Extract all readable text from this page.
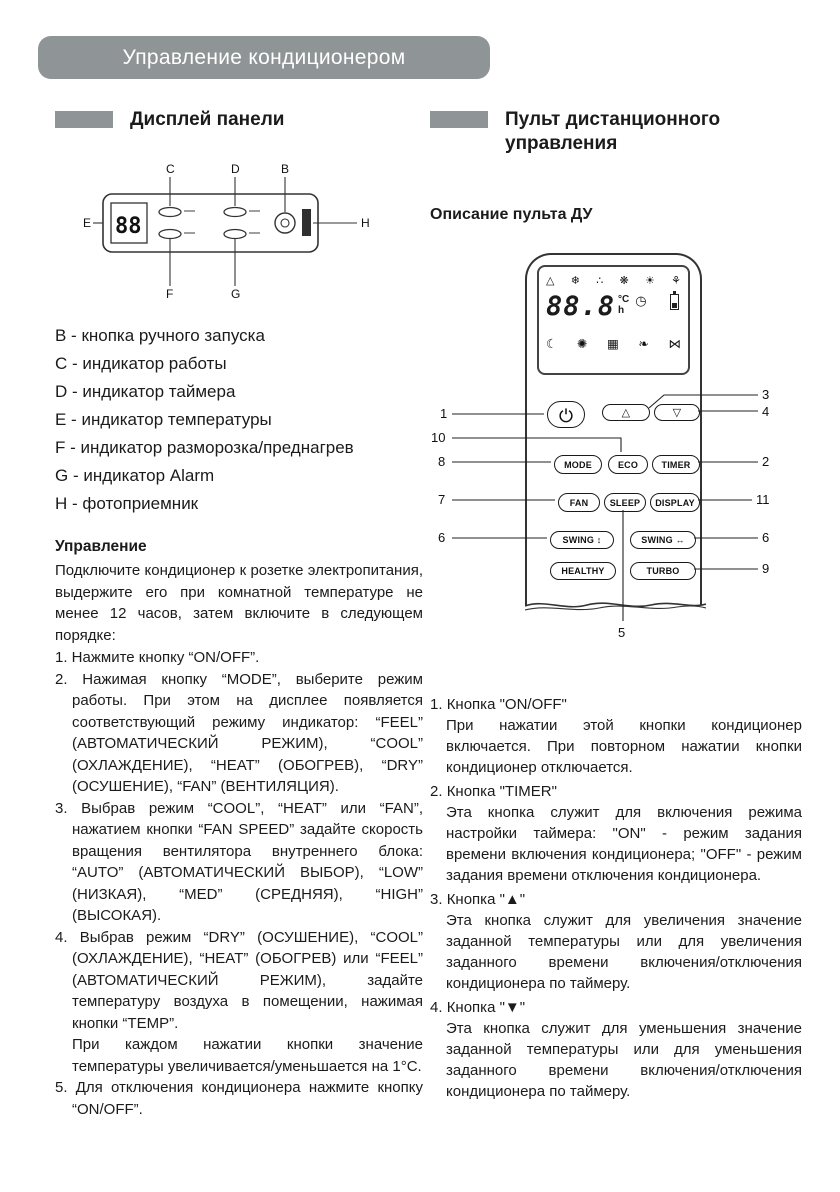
Управление кондиционером
Дисплей панели
C	D	B
E	H
F	G
88
B - кнопка ручного запуска
C - индикатор работы
D - индикатор таймера
E - индикатор температуры
F - индикатор разморозка/преднагрев
G - индикатор Alarm
H - фотоприемник
Управление

Подключите кондиционер к розетке электропитания, выдержите его при комнатной температуре не менее 12 часов, затем включите в следующем порядке:

1. Нажмите кнопку “ON/OFF”.
2. Нажимая кнопку “MODE”, выберите режим работы. При этом на дисплее появляется соответствующий режиму индикатор: “FEEL” (АВТОМАТИЧЕСКИЙ РЕЖИМ), “COOL” (ОХЛАЖДЕНИЕ), “HEAT” (ОБОГРЕВ), “DRY” (ОСУШЕНИЕ), “FAN” (ВЕНТИЛЯЦИЯ).
3. Выбрав режим “COOL”, “HEAT” или “FAN”, нажатием кнопки “FAN SPEED” задайте скорость вращения вентилятора внутреннего блока: “AUTO” (АВТОМАТИЧЕСКИЙ ВЫБОР), “LOW” (НИЗКАЯ), “MED” (СРЕДНЯЯ), “HIGH” (ВЫСОКАЯ).
4. Выбрав режим “DRY” (ОСУШЕНИЕ), “COOL” (ОХЛАЖДЕНИЕ), “HEAT” (ОБОГРЕВ) или “FEEL” (АВТОМАТИЧЕСКИЙ РЕЖИМ), задайте температуру воздуха в помещении, нажимая кнопки “TEMP”.
При каждом нажатии кнопки значение температуры увеличивается/уменьшается на 1°С.
5. Для отключения кондиционера нажмите кнопку “ON/OFF”.
Пульт дистанционного управления
Описание пульта ДУ
△ ❄ ∴ ❋ ☀ ⚘
88.8 °C
h
◷
☾ ✺ ▦ ❧ ⋈
△	▽
MODE	ECO	TIMER
FAN	SLEEP	DISPLAY
SWING ↕	SWING ↔
HEALTHY	TURBO
1
3
4
10
8	2
7	11
6	6
9
5
1. Кнопка "ON/OFF"

При нажатии этой кнопки кондиционер включается. При повторном нажатии кнопки кондиционер отключается.

2. Кнопка "TIMER"

Эта кнопка служит для включения режима настройки таймера: "ON" - режим задания времени включения кондиционера; "OFF" - режим задания времени отключения кондиционера.

3. Кнопка "▲"

Эта кнопка служит для увеличения значение заданной температуры или для увеличения заданного времени включения/отключения кондиционера по таймеру.

4. Кнопка "▼"

Эта кнопка служит для уменьшения значение заданной температуры или для уменьшения заданного времени включения/отключения кондиционера по таймеру.
